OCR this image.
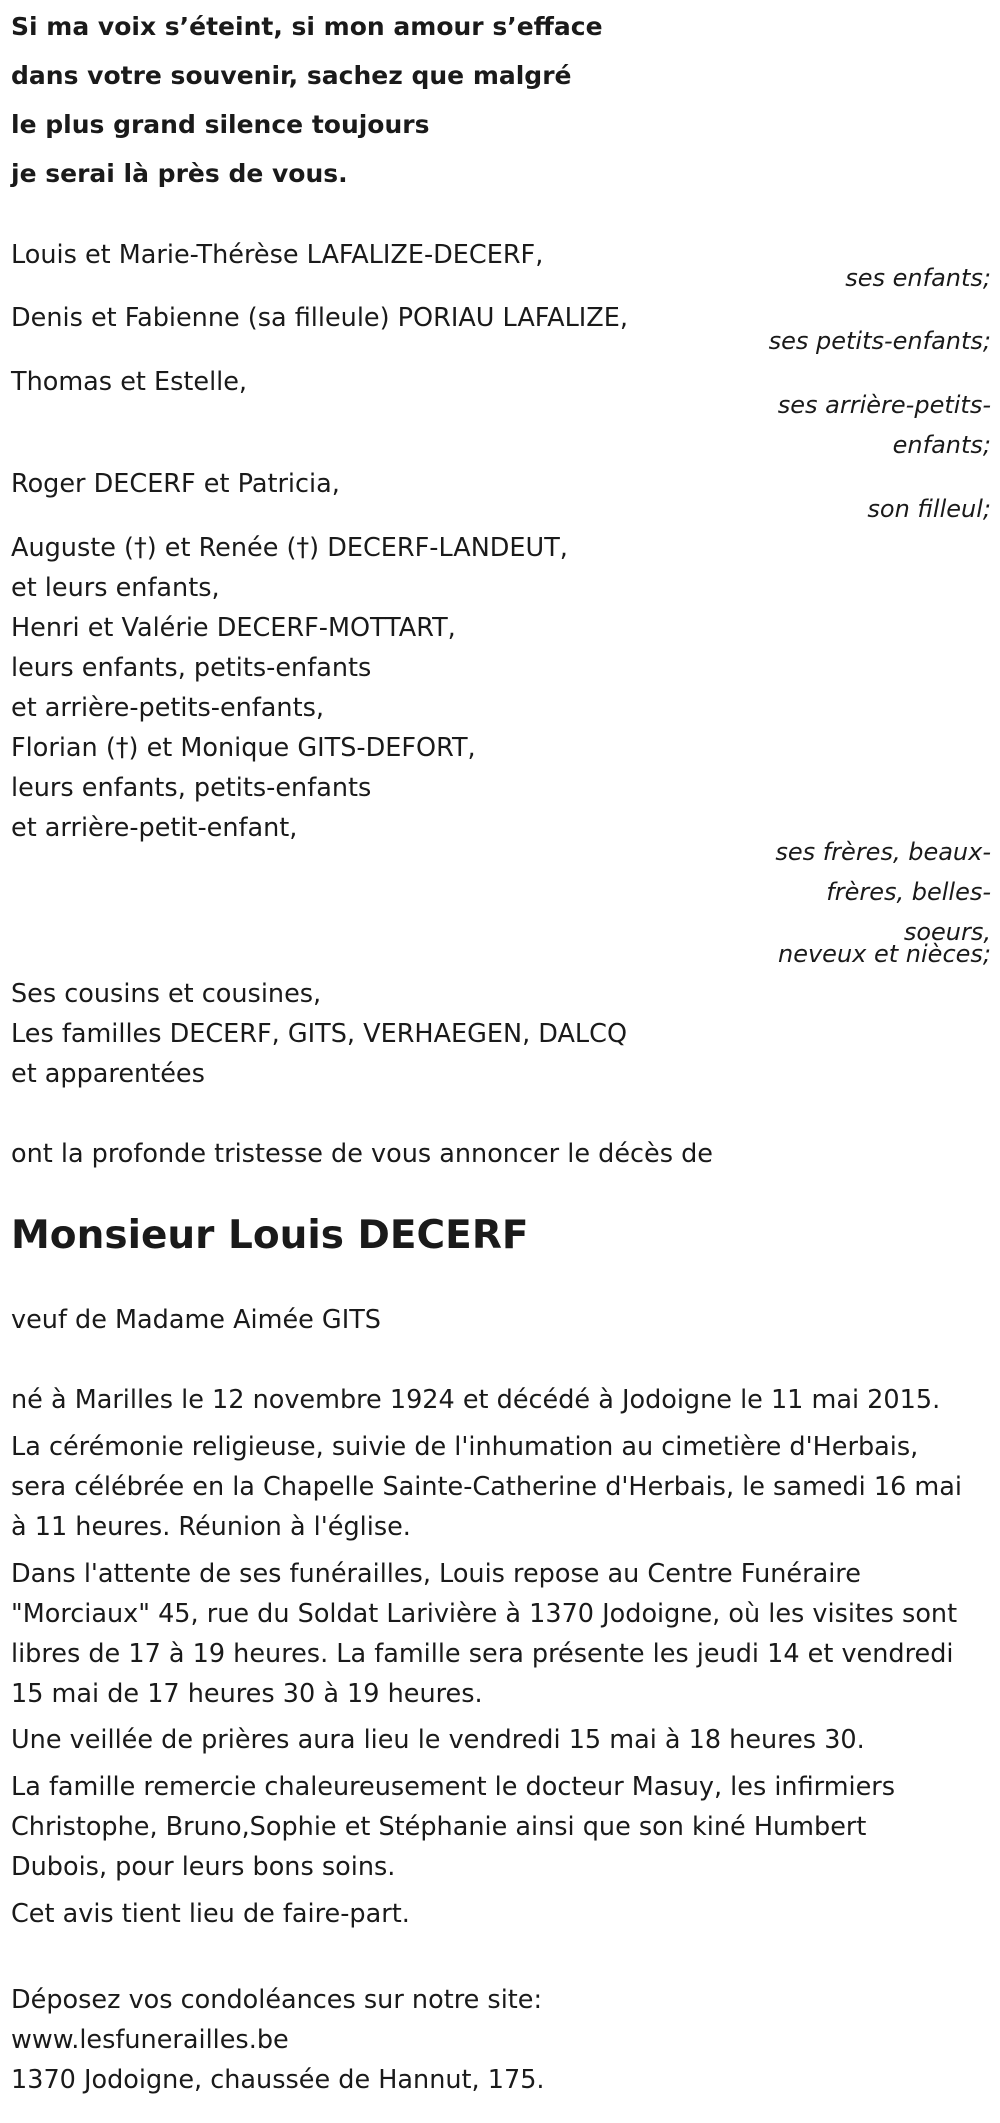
Si ma voix s’éteint, si mon amour s’efface

dans votre souvenir, sachez que malgré

le plus grand silence toujours

je serai là près de vous.

Louis et Marie-Thérèse LAFALIZE-DECERF,

ses enfants;

Denis et Fabienne (sa filleule) PORIAU LAFALIZE,

ses petits-enfants;

Thomas et Estelle,

ses arrière-petits-

enfants;

Roger DECERF et Patricia,

son filleul;

Auguste (†) et Renée (†) DECERF-LANDEUT,

et leurs enfants,

Henri et Valérie DECERF-MOTTART,

leurs enfants, petits-enfants

et arrière-petits-enfants,

Florian (†) et Monique GITS-DEFORT,

leurs enfants, petits-enfants

et arrière-petit-enfant,

ses frères, beaux-

frères, belles-

soeurs,

neveux et nièces;

Ses cousins et cousines,

Les familles DECERF, GITS, VERHAEGEN, DALCQ

et apparentées

ont la profonde tristesse de vous annoncer le décès de

Monsieur Louis DECERF

veuf de Madame Aimée GITS

né à Marilles le 12 novembre 1924 et décédé à Jodoigne le 11 mai 2015.

La cérémonie religieuse, suivie de l'inhumation au cimetière d'Herbais,

sera célébrée en la Chapelle Sainte-Catherine d'Herbais, le samedi 16 mai

à 11 heures. Réunion à l'église.

Dans l'attente de ses funérailles, Louis repose au Centre Funéraire

"Morciaux" 45, rue du Soldat Larivière à 1370 Jodoigne, où les visites sont

libres de 17 à 19 heures. La famille sera présente les jeudi 14 et vendredi

15 mai de 17 heures 30 à 19 heures.

Une veillée de prières aura lieu le vendredi 15 mai à 18 heures 30.

La famille remercie chaleureusement le docteur Masuy, les infirmiers

Christophe, Bruno,Sophie et Stéphanie ainsi que son kiné Humbert

Dubois, pour leurs bons soins.

Cet avis tient lieu de faire-part.

Déposez vos condoléances sur notre site:

www.lesfunerailles.be

1370 Jodoigne, chaussée de Hannut, 175.
